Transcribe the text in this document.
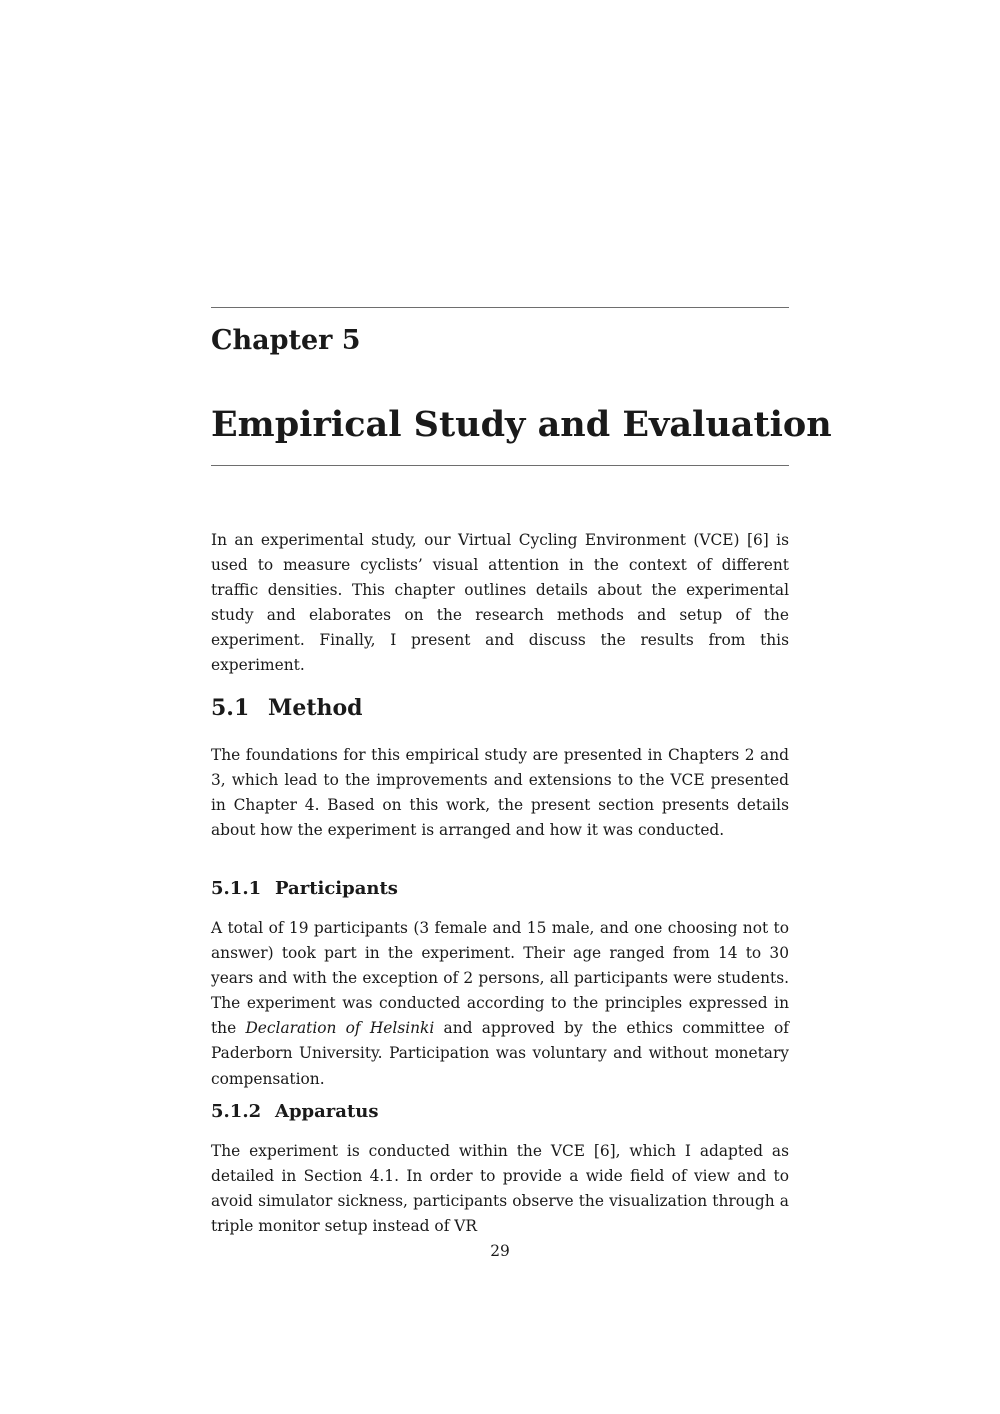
Chapter 5
Empirical Study and Evaluation

In an experimental study, our Virtual Cycling Environment (VCE) [6] is used to measure cyclists’ visual attention in the context of different traffic densities. This chapter outlines details about the experimental study and elaborates on the research methods and setup of the experiment. Finally, I present and discuss the results from this experiment.

5.1 Method

The foundations for this empirical study are presented in Chapters 2 and 3, which lead to the improvements and extensions to the VCE presented in Chapter 4. Based on this work, the present section presents details about how the experiment is arranged and how it was conducted.

5.1.1 Participants

A total of 19 participants (3 female and 15 male, and one choosing not to answer) took part in the experiment. Their age ranged from 14 to 30 years and with the exception of 2 persons, all participants were students. The experiment was conducted according to the principles expressed in the Declaration of Helsinki and approved by the ethics committee of Paderborn University. Participation was voluntary and without monetary compensation.

5.1.2 Apparatus

The experiment is conducted within the VCE [6], which I adapted as detailed in Section 4.1. In order to provide a wide field of view and to avoid simulator sickness, participants observe the visualization through a triple monitor setup instead of VR

29
